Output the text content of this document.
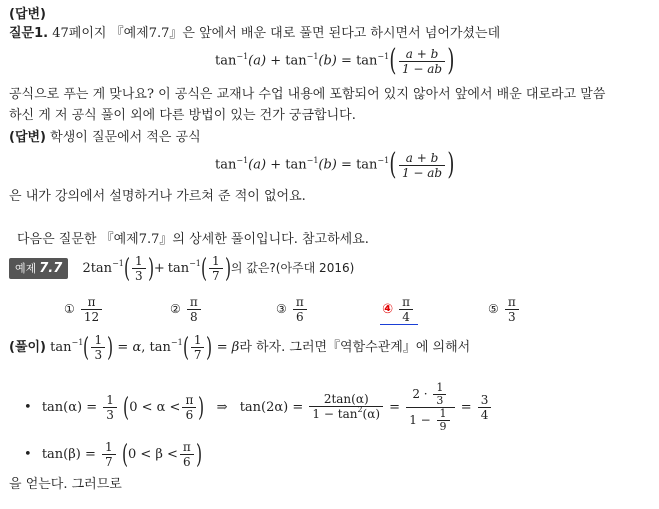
(답변)
질문1. 47페이지 『예제7.7』은 앞에서 배운 대로 풀면 된다고 하시면서 넘어가셨는데
$\tan^{-1}(a) + \tan^{-1}(b) = \tan^{-1}( \frac{a + b}{1 - ab}$ )
공식으로 푸는 게 맞나요? 이 공식은 교재나 수업 내용에 포함되어 있지 않아서 앞에서 배운 대로라고 말씀
하신 게 저 공식 풀이 외에 다른 방법이 있는 건가 궁금합니다.
(답변) 학생이 질문에서 적은 공식
$\tan^{-1}(a) + \tan^{-1}(b) = \tan^{-1}( \frac{a + b}{1 - ab}$ )
은 내가 강의에서 설명하거나 가르쳐 준 적이 없어요.
다음은 질문한 『예제7.7』의 상세한 풀이입니다. 참고하세요.
예제 7.7 $2\tan^{-1}( \frac{1}{3}$ )+ $\tan^{-1}( \frac{1}{7}$ )의 값은?(아주대 2016)
① $\frac{\pi}{12}$	② $\frac{\pi}{8}$	③ $\frac{\pi}{6}$	④ $\frac{\pi}{4}$	⑤ $\frac{\pi}{3}$
(풀이) $\tan^{-1}( \frac{1}{3}$ ) = α, $\tan^{-1}( \frac{1}{7}$ ) = β라 하자. 그러면『역함수관계』에 의해서
• $\tan(\alpha) = \frac{1}{3} (0 < \alpha < \frac{\pi}{6}$ ) ⇒ $\tan(2\alpha) = \frac{2\tan(\alpha)}{1 - \tan^2(\alpha)} = \frac{2 \cdot \frac{1}{3}}{1 - \frac{1}{9}} = \frac{3}{4}$
• $\tan(\beta) = \frac{1}{7} (0 < \beta < \frac{\pi}{6}$ )
을 얻는다. 그러므로
